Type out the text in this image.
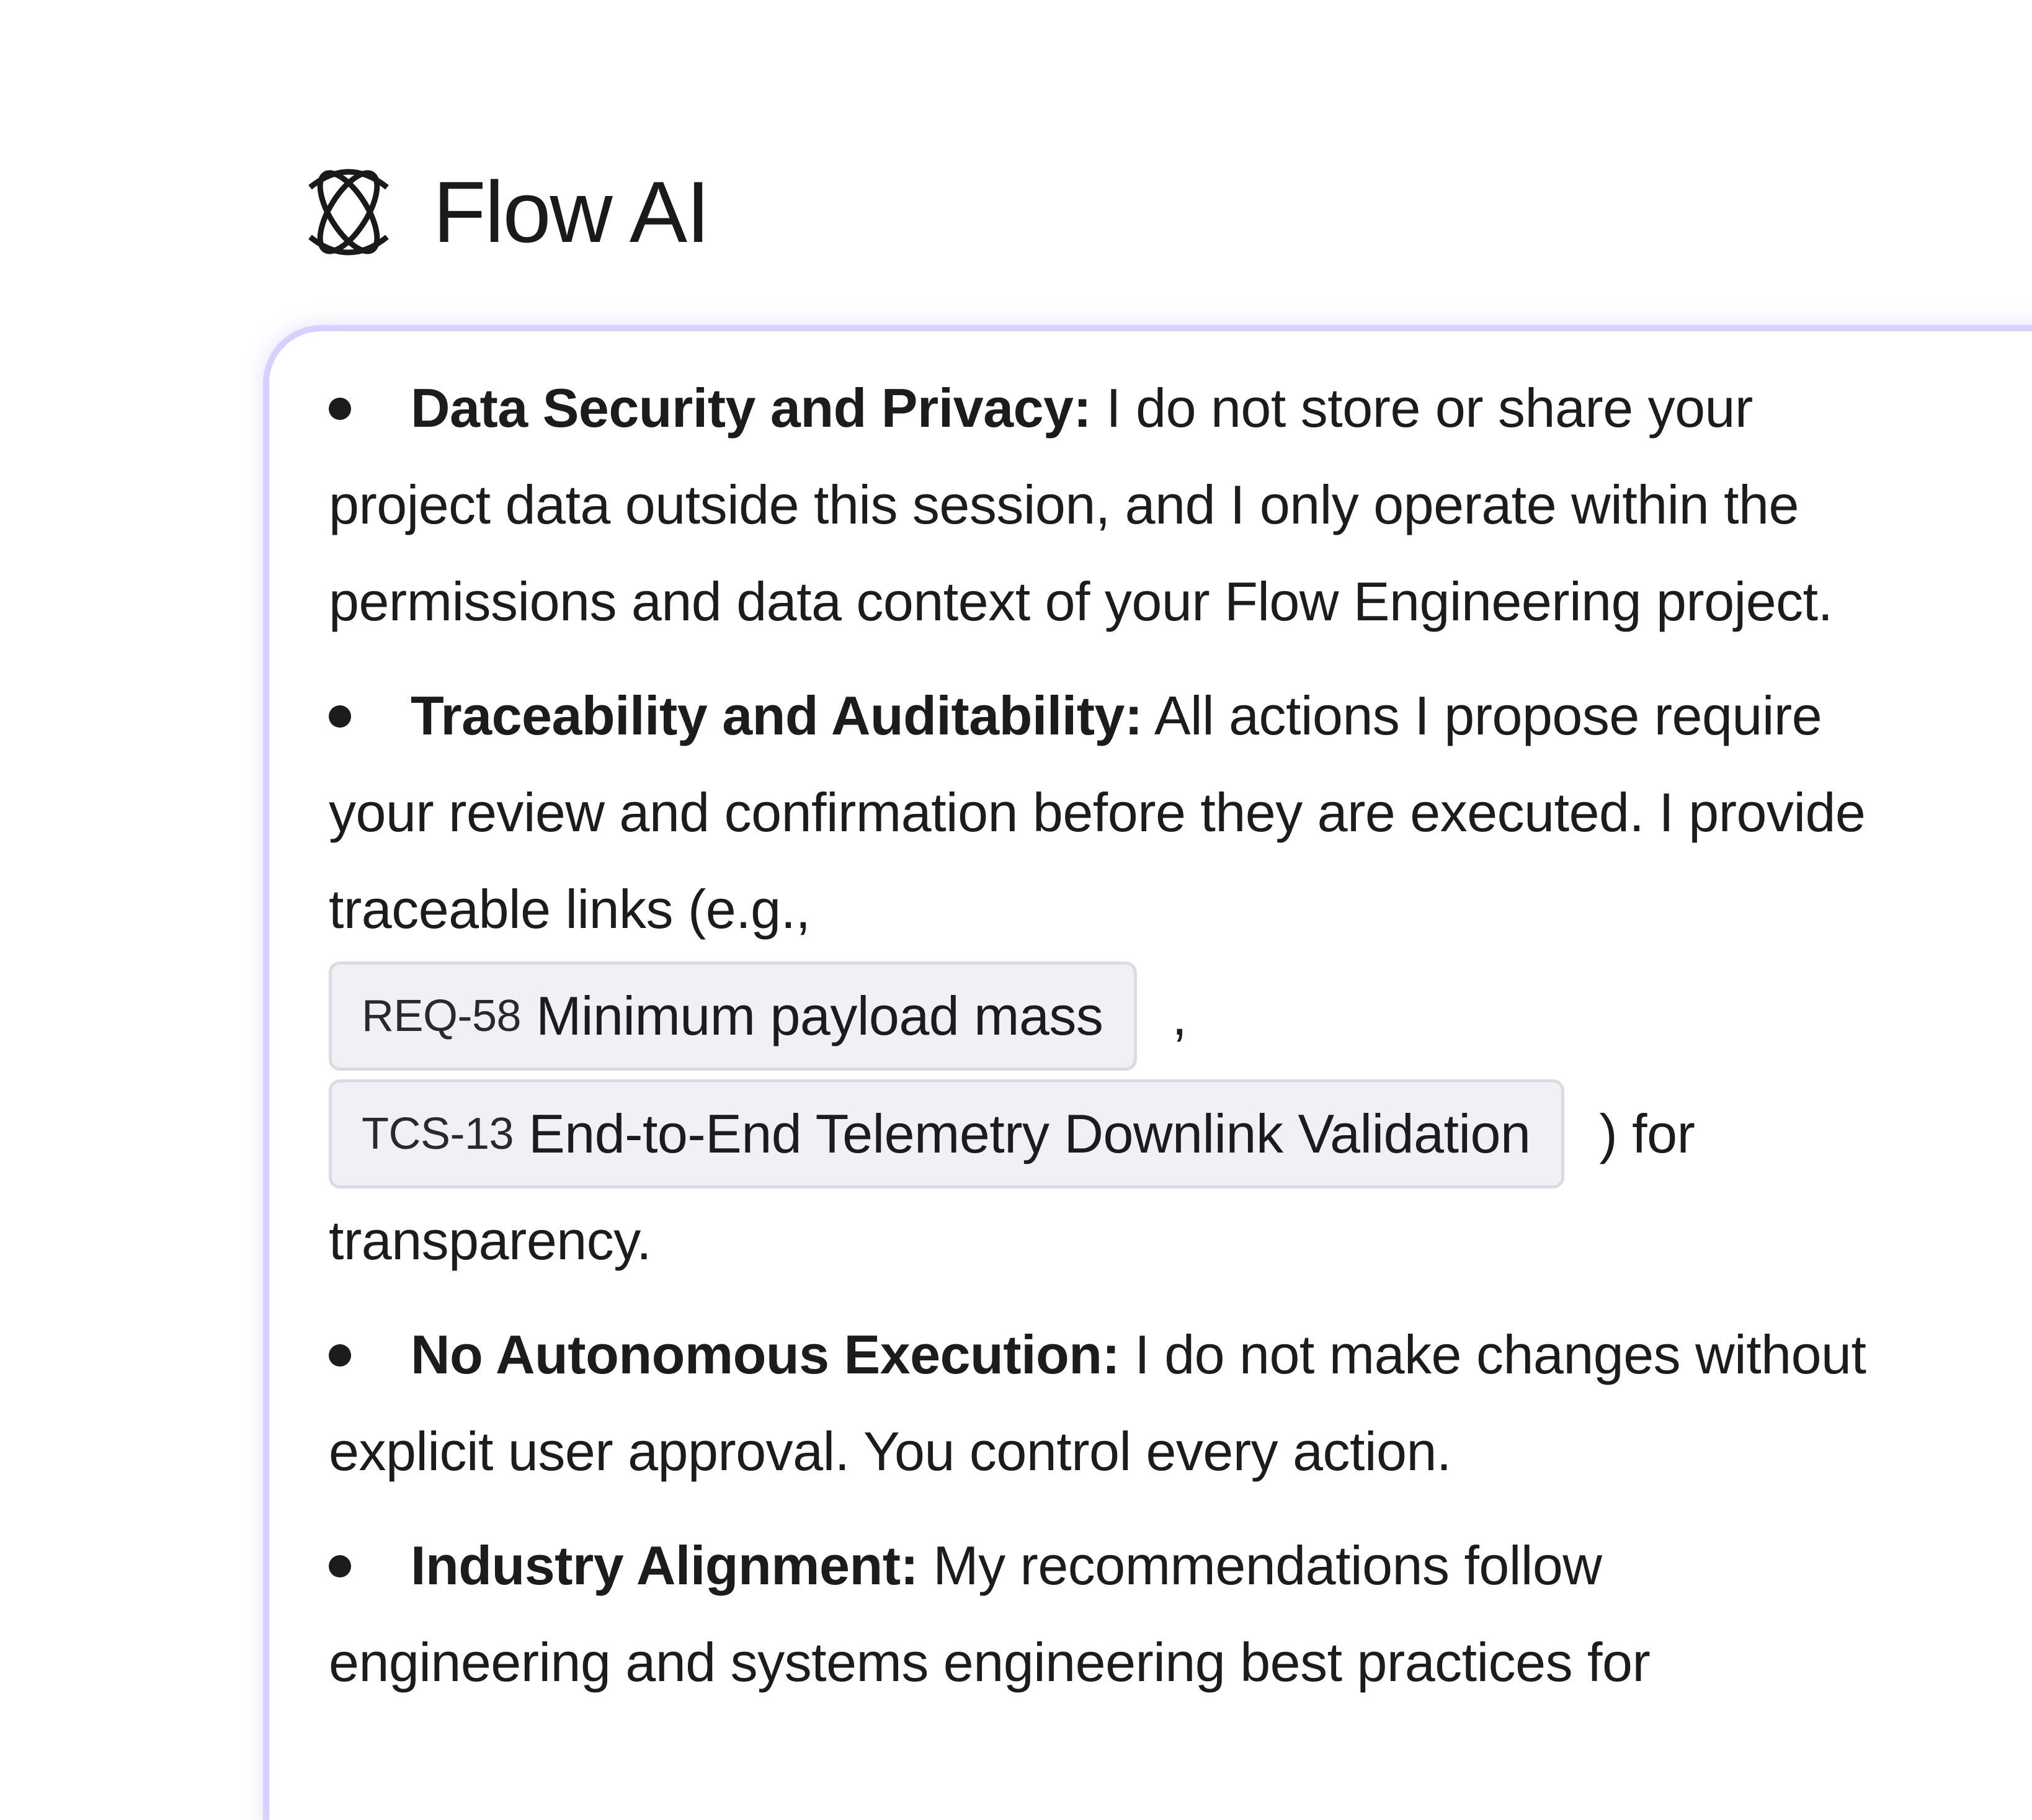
Flow AI
Data Security and Privacy: I do not store or share your project data outside this session, and I only operate within the permissions and data context of your Flow Engineering project.
Traceability and Auditability: All actions I propose require your review and confirmation before they are executed. I provide traceable links (e.g.,
REQ-58 Minimum payload mass ,
TCS-13 End-to-End Telemetry Downlink Validation ) for
transparency.
No Autonomous Execution: I do not make changes without explicit user approval. You control every action.
Industry Alignment: My recommendations follow engineering and systems engineering best practices for
